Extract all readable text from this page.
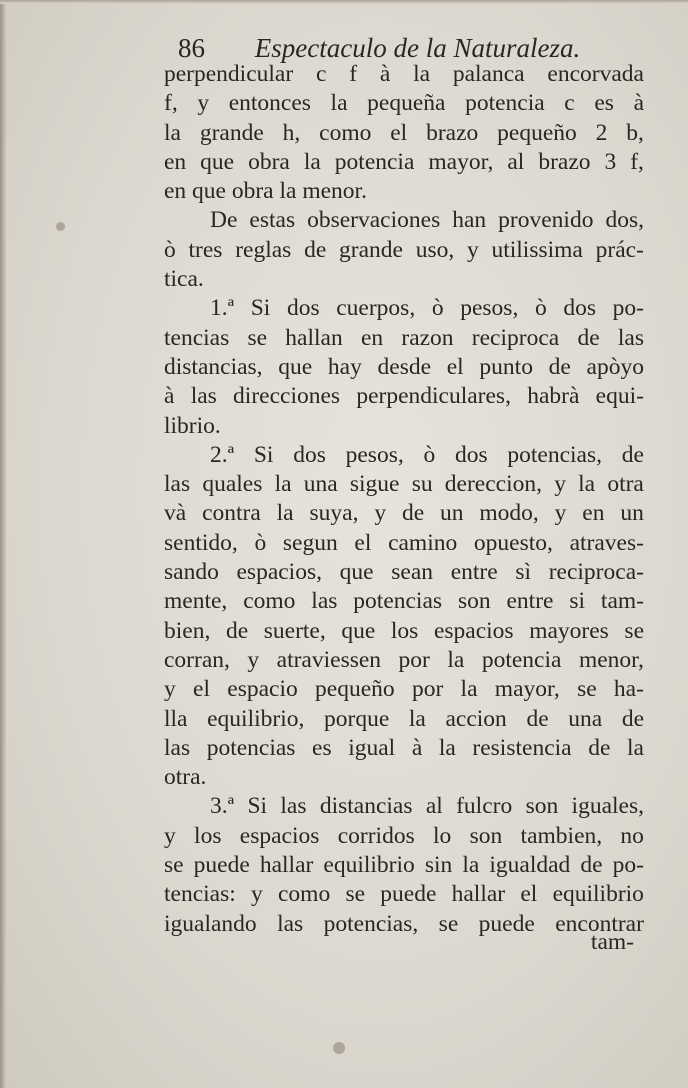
86 Espectaculo de la Naturaleza.
perpendicular c f à la palanca encorvada
f, y entonces la pequeña potencia c es à
la grande h, como el brazo pequeño 2 b,
en que obra la potencia mayor, al brazo 3 f,
en que obra la menor.
De estas observaciones han provenido dos,
ò tres reglas de grande uso, y utilissima prác-
tica.
1.ª Si dos cuerpos, ò pesos, ò dos po-
tencias se hallan en razon reciproca de las
distancias, que hay desde el punto de apòyo
à las direcciones perpendiculares, habrà equi-
librio.
2.ª Si dos pesos, ò dos potencias, de
las quales la una sigue su dereccion, y la otra
và contra la suya, y de un modo, y en un
sentido, ò segun el camino opuesto, atraves-
sando espacios, que sean entre sì reciproca-
mente, como las potencias son entre si tam-
bien, de suerte, que los espacios mayores se
corran, y atraviessen por la potencia menor,
y el espacio pequeño por la mayor, se ha-
lla equilibrio, porque la accion de una de
las potencias es igual à la resistencia de la
otra.
3.ª Si las distancias al fulcro son iguales,
y los espacios corridos lo son tambien, no
se puede hallar equilibrio sin la igualdad de po-
tencias: y como se puede hallar el equilibrio
igualando las potencias, se puede encontrar
tam-
